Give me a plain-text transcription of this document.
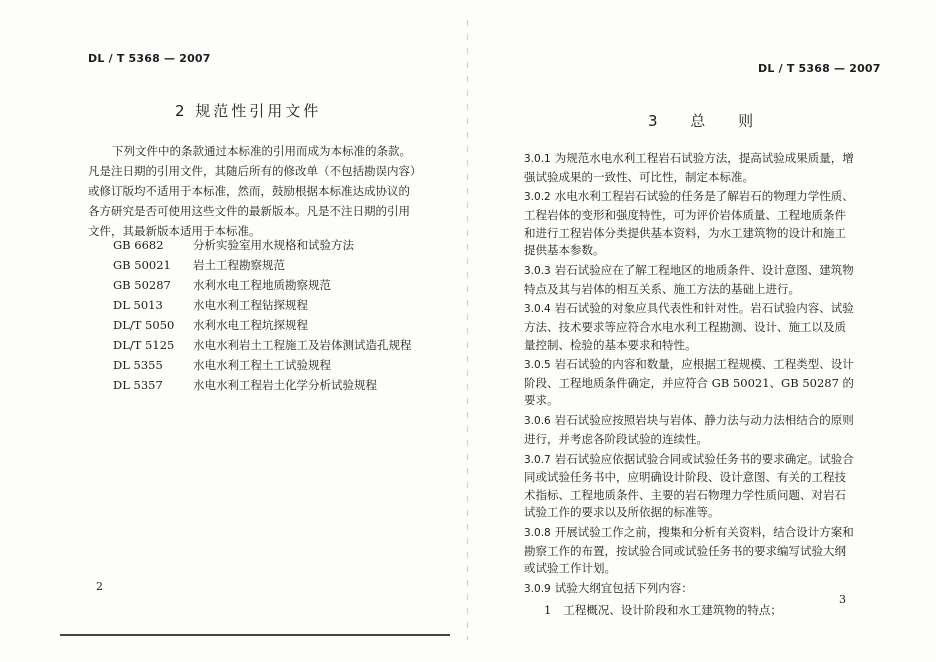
DL / T 5368 — 2007
2 规范性引用文件

下列文件中的条款通过本标准的引用而成为本标准的条款。凡是注日期的引用文件，其随后所有的修改单（不包括勘误内容）或修订版均不适用于本标准，然而，鼓励根据本标准达成协议的各方研究是否可使用这些文件的最新版本。凡是不注日期的引用文件，其最新版本适用于本标准。

GB 6682	分析实验室用水规格和试验方法
GB 50021	岩土工程勘察规范
GB 50287	水利水电工程地质勘察规范
DL 5013	水电水利工程钻探规程
DL/T 5050	水利水电工程坑探规程
DL/T 5125	水电水利岩土工程施工及岩体测试造孔规程
DL 5355	水电水利工程土工试验规程
DL 5357	水电水利工程岩土化学分析试验规程
2
DL / T 5368 — 2007
3 总 则

3.0.1 为规范水电水利工程岩石试验方法，提高试验成果质量，增强试验成果的一致性、可比性，制定本标准。

3.0.2 水电水利工程岩石试验的任务是了解岩石的物理力学性质、工程岩体的变形和强度特性，可为评价岩体质量、工程地质条件和进行工程岩体分类提供基本资料，为水工建筑物的设计和施工提供基本参数。

3.0.3 岩石试验应在了解工程地区的地质条件、设计意图、建筑物特点及其与岩体的相互关系、施工方法的基础上进行。

3.0.4 岩石试验的对象应具代表性和针对性。岩石试验内容、试验方法、技术要求等应符合水电水利工程勘测、设计、施工以及质量控制、检验的基本要求和特性。

3.0.5 岩石试验的内容和数量，应根据工程规模、工程类型、设计阶段、工程地质条件确定，并应符合 GB 50021、GB 50287 的要求。

3.0.6 岩石试验应按照岩块与岩体、静力法与动力法相结合的原则进行，并考虑各阶段试验的连续性。

3.0.7 岩石试验应依据试验合同或试验任务书的要求确定。试验合同或试验任务书中，应明确设计阶段、设计意图、有关的工程技术指标、工程地质条件、主要的岩石物理力学性质问题、对岩石试验工作的要求以及所依据的标准等。

3.0.8 开展试验工作之前，搜集和分析有关资料，结合设计方案和勘察工作的布置，按试验合同或试验任务书的要求编写试验大纲或试验工作计划。

3.0.9 试验大纲宜包括下列内容：

1 工程概况、设计阶段和水工建筑物的特点；
3
